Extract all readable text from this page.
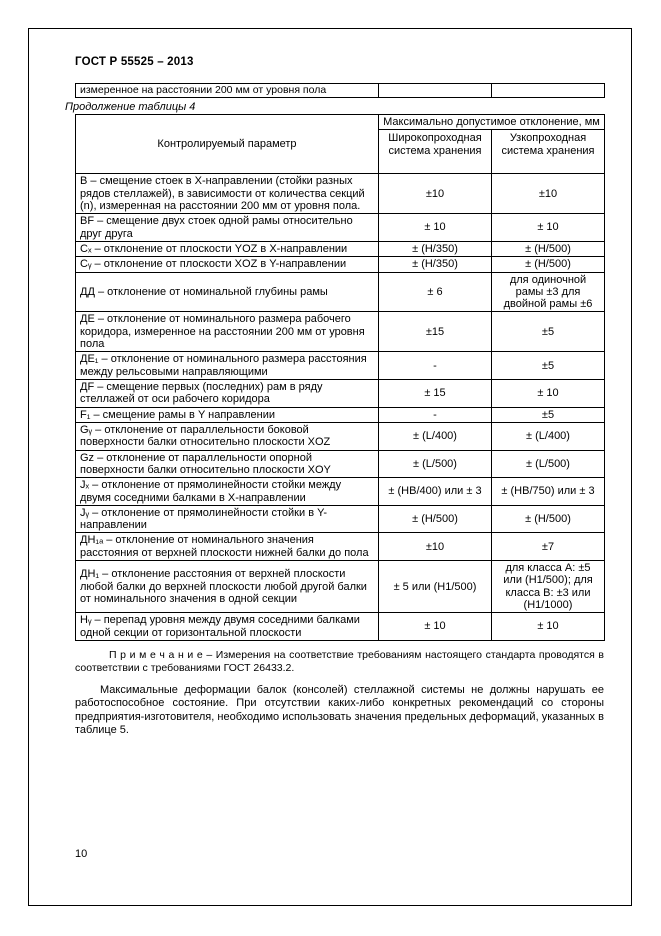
ГОСТ Р 55525 – 2013
измеренное на расстоянии 200 мм от уровня пола		
Продолжение таблицы 4
Контролируемый параметр	Максимально допустимое отклонение, мм	
	Широкопроходная система хранения	Узкопроходная система хранения
В – смещение стоек в Х-направлении (стойки разных рядов стеллажей), в зависимости от количества секций (n), измеренная на расстоянии 200 мм от уровня пола.	±10	±10
ВF – смещение двух стоек одной рамы относительно друг друга	± 10	± 10
Сₓ – отклонение от плоскости YOZ в Х-направлении	± (Н/350)	± (Н/500)
Сᵧ – отклонение от плоскости ХOZ в Y-направлении	± (Н/350)	± (Н/500)
ДД – отклонение от номинальной глубины рамы	± 6	для одиночной рамы ±3 для двойной рамы ±6
ДЕ – отклонение от номинального размера рабочего коридора, измеренное на расстоянии 200 мм от уровня пола	±15	±5
ДЕ₁ – отклонение от номинального размера расстояния между рельсовыми направляющими	-	±5
ДF – смещение первых (последних) рам в ряду стеллажей от оси рабочего коридора	± 15	± 10
F₁ – смещение рамы в Y направлении	-	±5
Gᵧ – отклонение от параллельности боковой поверхности балки относительно плоскости ХOZ	± (L/400)	± (L/400)
Gz – отклонение от параллельности опорной поверхности балки относительно плоскости ХOY	± (L/500)	± (L/500)
Jₓ – отклонение от прямолинейности стойки между двумя соседними балками в Х-направлении	± (НВ/400) или ± 3	± (НВ/750) или ± 3
Jᵧ – отклонение от прямолинейности стойки в Y-направлении	± (Н/500)	± (Н/500)
ДН₁ₐ – отклонение от номинального значения расстояния от верхней плоскости нижней балки до пола	±10	±7
ДН₁ – отклонение расстояния от верхней плоскости любой балки до верхней плоскости любой другой балки от номинального значения в одной секции	± 5 или (Н1/500)	для класса А: ±5 или (Н1/500); для класса В: ±3 или (Н1/1000)
Нᵧ – перепад уровня между двумя соседними балками одной секции от горизонтальной плоскости	± 10	± 10

П р и м е ч а н и е – Измерения на соответствие требованиям настоящего стандарта проводятся в соответствии с требованиями ГОСТ 26433.2.

Максимальные деформации балок (консолей) стеллажной системы не должны нарушать ее работоспособное состояние. При отсутствии каких-либо конкретных рекомендаций со стороны предприятия-изготовителя, необходимо использовать значения предельных деформаций, указанных в таблице 5.

10
